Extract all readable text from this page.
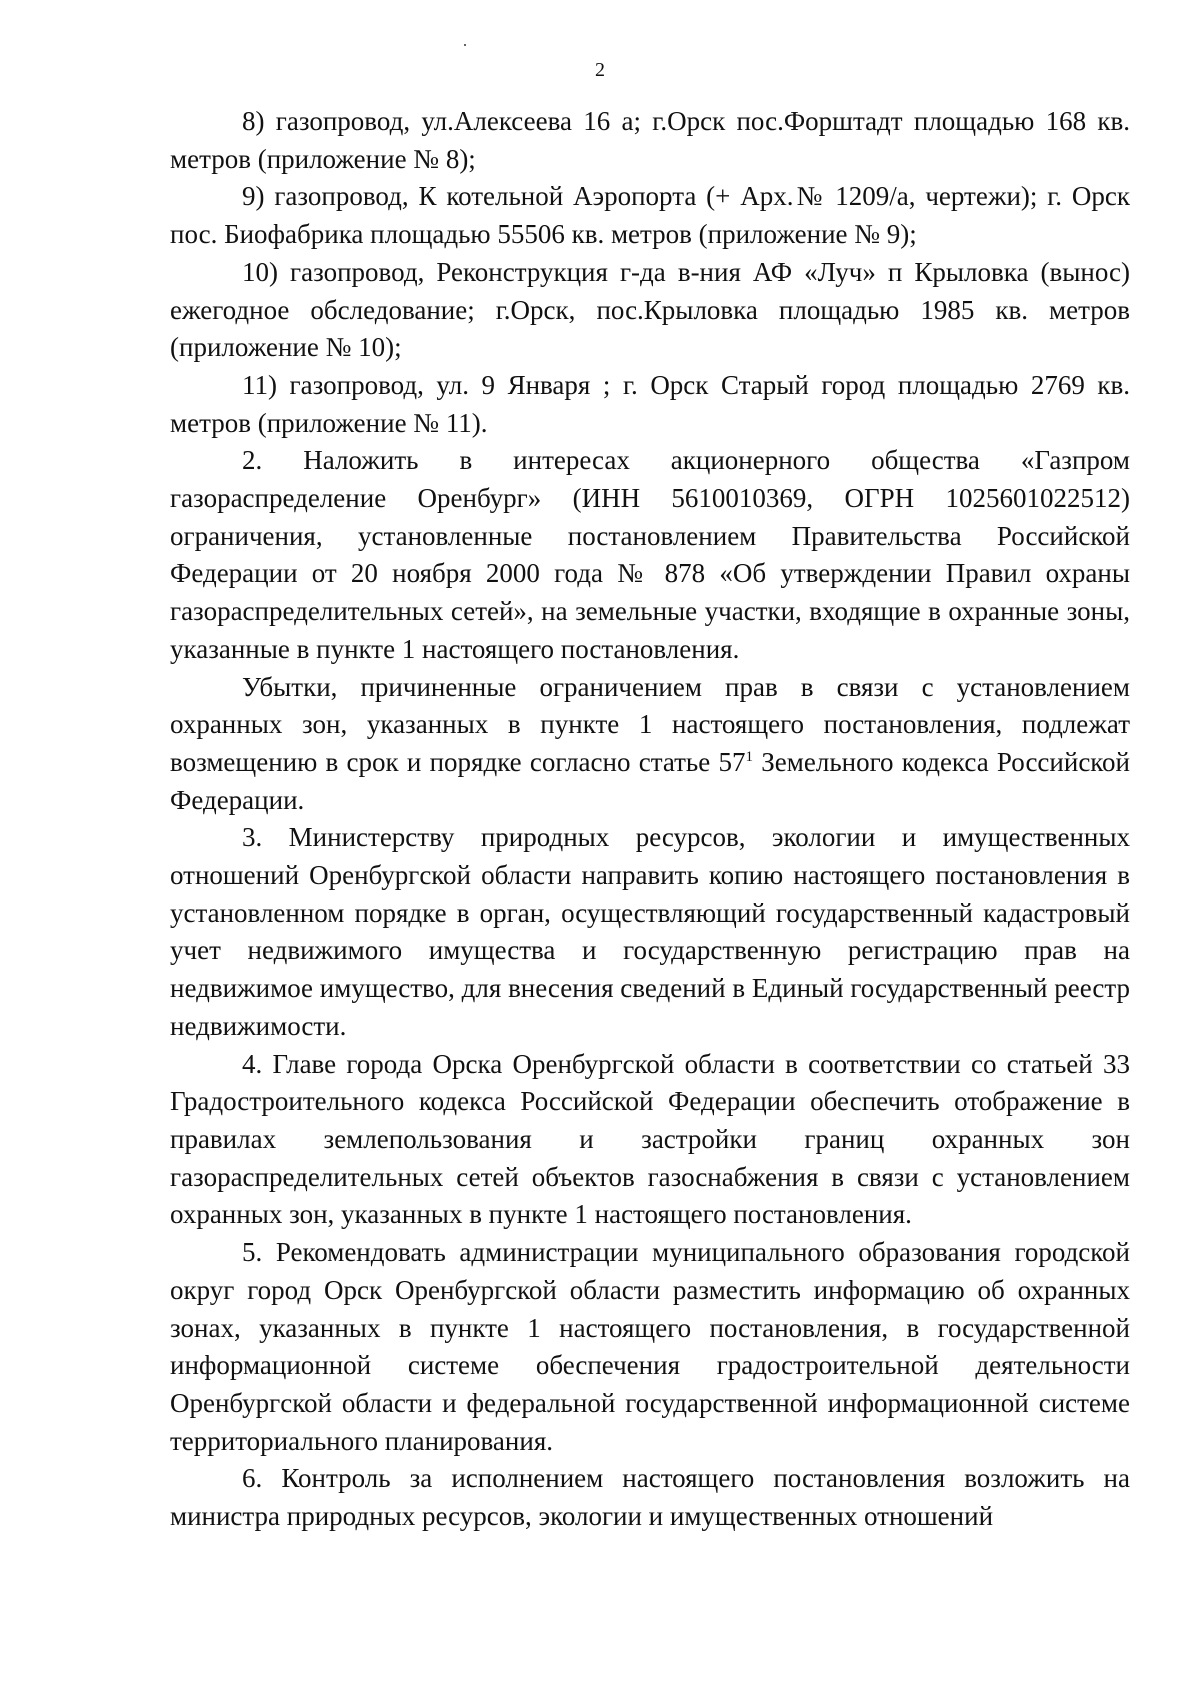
2

8) газопровод, ул.Алексеева 16 а; г.Орск пос.Форштадт площадью 168 кв. метров (приложение № 8);

9) газопровод, К котельной Аэропорта (+ Арх.№ 1209/а, чертежи); г. Орск пос. Биофабрика площадью 55506 кв. метров (приложение № 9);

10) газопровод, Реконструкция г-да в-ния АФ «Луч» п Крыловка (вынос) ежегодное обследование; г.Орск, пос.Крыловка площадью 1985 кв. метров (приложение № 10);

11) газопровод, ул. 9 Января ; г. Орск Старый город площадью 2769 кв. метров (приложение № 11).

2. Наложить в интересах акционерного общества «Газпром газораспределение Оренбург» (ИНН 5610010369, ОГРН 1025601022512) ограничения, установленные постановлением Правительства Российской Федерации от 20 ноября 2000 года № 878 «Об утверждении Правил охраны газораспределительных сетей», на земельные участки, входящие в охранные зоны, указанные в пункте 1 настоящего постановления.

Убытки, причиненные ограничением прав в связи с установлением охранных зон, указанных в пункте 1 настоящего постановления, подлежат возмещению в срок и порядке согласно статье $57^1$ Земельного кодекса Российской Федерации.

3. Министерству природных ресурсов, экологии и имущественных отношений Оренбургской области направить копию настоящего постановления в установленном порядке в орган, осуществляющий государственный кадастровый учет недвижимого имущества и государственную регистрацию прав на недвижимое имущество, для внесения сведений в Единый государственный реестр недвижимости.

4. Главе города Орска Оренбургской области в соответствии со статьей 33 Градостроительного кодекса Российской Федерации обеспечить отображение в правилах землепользования и застройки границ охранных зон газораспределительных сетей объектов газоснабжения в связи с установлением охранных зон, указанных в пункте 1 настоящего постановления.

5. Рекомендовать администрации муниципального образования городской округ город Орск Оренбургской области разместить информацию об охранных зонах, указанных в пункте 1 настоящего постановления, в государственной информационной системе обеспечения градостроительной деятельности Оренбургской области и федеральной государственной информационной системе территориального планирования.

6. Контроль за исполнением настоящего постановления возложить на министра природных ресурсов, экологии и имущественных отношений
